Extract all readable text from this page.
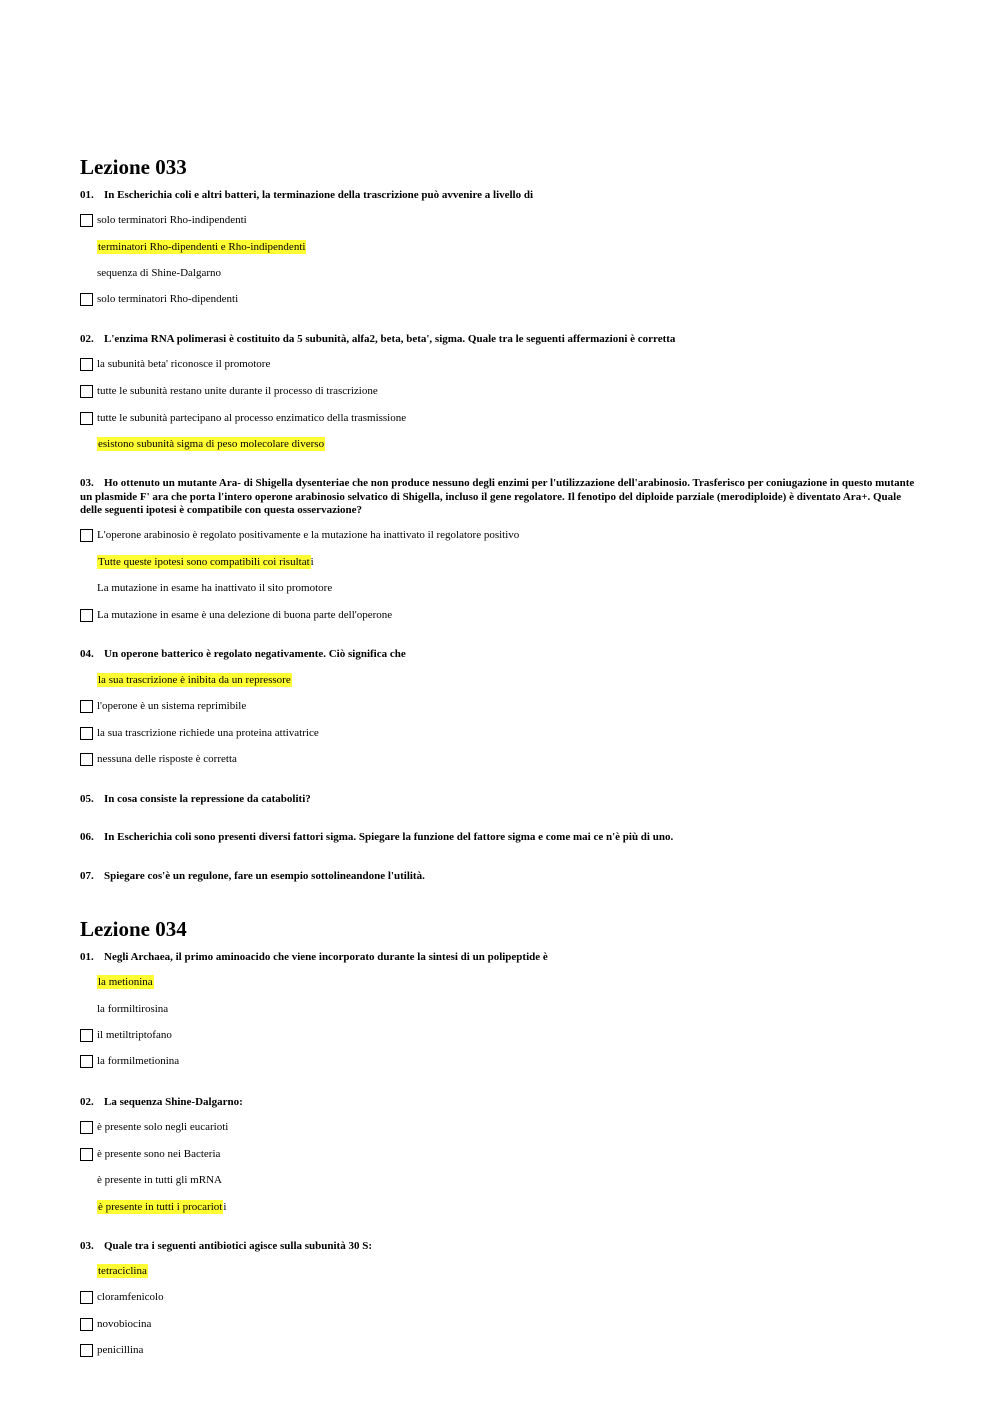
Lezione 033

01. In Escherichia coli e altri batteri, la terminazione della trascrizione può avvenire a livello di

solo terminatori Rho-indipendenti
terminatori Rho-dipendenti e Rho-indipendenti
sequenza di Shine-Dalgarno
solo terminatori Rho-dipendenti

02. L'enzima RNA polimerasi è costituito da 5 subunità, alfa2, beta, beta', sigma. Quale tra le seguenti affermazioni è corretta

la subunità beta' riconosce il promotore
tutte le subunità restano unite durante il processo di trascrizione
tutte le subunità partecipano al processo enzimatico della trasmissione
esistono subunità sigma di peso molecolare diverso

03. Ho ottenuto un mutante Ara- di Shigella dysenteriae che non produce nessuno degli enzimi per l'utilizzazione dell'arabinosio. Trasferisco per coniugazione in questo mutante un plasmide F' ara che porta l'intero operone arabinosio selvatico di Shigella, incluso il gene regolatore. Il fenotipo del diploide parziale (merodiploide) è diventato Ara+. Quale delle seguenti ipotesi è compatibile con questa osservazione?

L'operone arabinosio è regolato positivamente e la mutazione ha inattivato il regolatore positivo
Tutte queste ipotesi sono compatibili coi risultat i
La mutazione in esame ha inattivato il sito promotore
La mutazione in esame è una delezione di buona parte dell'operone

04. Un operone batterico è regolato negativamente. Ciò significa che

la sua trascrizione è inibita da un repressore
l'operone è un sistema reprimibile
la sua trascrizione richiede una proteina attivatrice
nessuna delle risposte è corretta

05. In cosa consiste la repressione da cataboliti?

06. In Escherichia coli sono presenti diversi fattori sigma. Spiegare la funzione del fattore sigma e come mai ce n'è più di uno.

07. Spiegare cos'è un regulone, fare un esempio sottolineandone l'utilità.

Lezione 034

01. Negli Archaea, il primo aminoacido che viene incorporato durante la sintesi di un polipeptide è

la metionina
la formiltirosina
il metiltriptofano
la formilmetionina

02. La sequenza Shine-Dalgarno:

è presente solo negli eucarioti
è presente sono nei Bacteria
è presente in tutti gli mRNA
è presente in tutti i procariot i

03. Quale tra i seguenti antibiotici agisce sulla subunità 30 S:

tetraciclina
cloramfenicolo
novobiocina
penicillina
